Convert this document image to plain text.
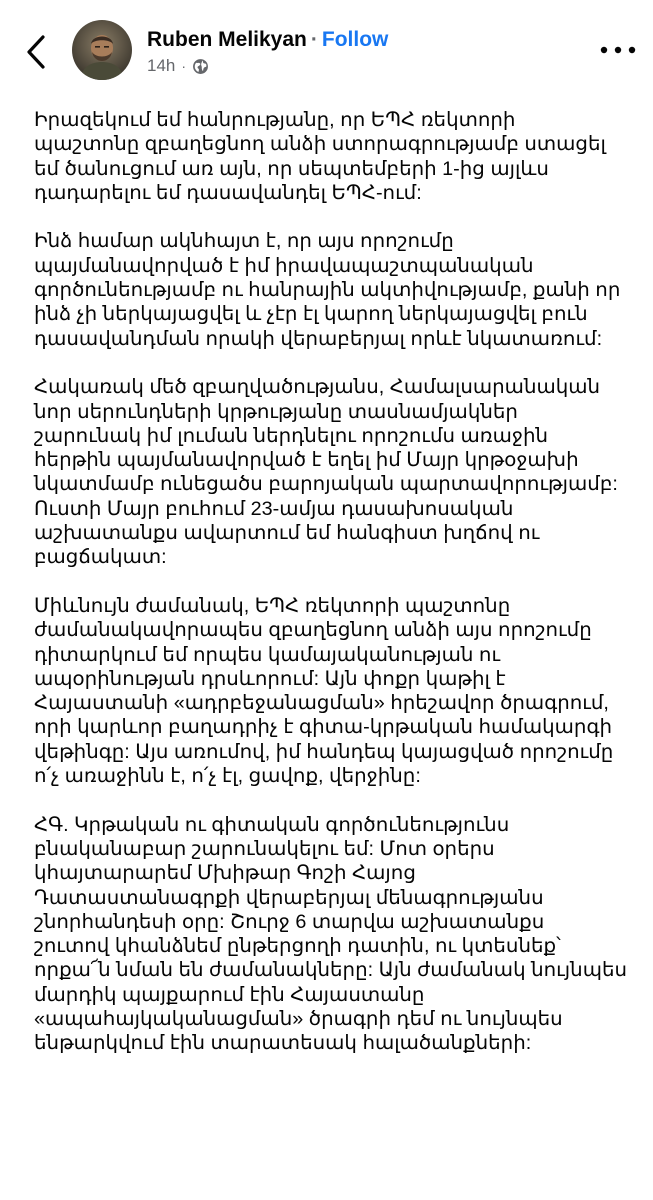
Ruben Melikyan · Follow
14h ·
Իրազեկում եմ հանրությանը, որ ԵՊՀ ռեկտորի
պաշտոնը զբաղեցնող անձի ստորագրությամբ ստացել
եմ ծանուցում առ այն, որ սեպտեմբերի 1-ից այլևս
դադարելու եմ դասավանդել ԵՊՀ-ում:
Ինձ համար ակնհայտ է, որ այս որոշումը
պայմանավորված է իմ իրավապաշտպանական
գործունեությամբ ու հանրային ակտիվությամբ, քանի որ
ինձ չի ներկայացվել և չէր էլ կարող ներկայացվել բուն
դասավանդման որակի վերաբերյալ որևէ նկատառում:
Հակառակ մեծ զբաղվածությանս, Համալսարանական
նոր սերունդների կրթությանը տասնամյակներ
շարունակ իմ լուման ներդնելու որոշումս առաջին
հերթին պայմանավորված է եղել իմ Մայր կրթօջախի
նկատմամբ ունեցածս բարոյական պարտավորությամբ:
Ուստի Մայր բուհում 23-ամյա դասախոսական
աշխատանքս ավարտում եմ հանգիստ խղճով ու
բացճակատ:
Միևնույն ժամանակ, ԵՊՀ ռեկտորի պաշտոնը
ժամանակավորապես զբաղեցնող անձի այս որոշումը
դիտարկում եմ որպես կամայականության ու
ապօրինության դրսևորում: Այն փոքր կաթիլ է
Հայաստանի «ադրբեջանացման» հրեշավոր ծրագրում,
որի կարևոր բաղադրիչ է գիտա-կրթական համակարգի
վեթինգը: Այս առումով, իմ հանդեպ կայացված որոշումը
ո՛չ առաջինն է, ո՛չ էլ, ցավոք, վերջինը:
ՀԳ. Կրթական ու գիտական գործունեությունս
բնականաբար շարունակելու եմ: Մոտ օրերս
կհայտարարեմ Մխիթար Գոշի Հայոց
Դատաստանագրքի վերաբերյալ մենագրությանս
շնորհանդեսի օրը: Շուրջ 6 տարվա աշխատանքս
շուտով կհանձնեմ ընթերցողի դատին, ու կտեսնեք՝
որքա՜ն նման են ժամանակները: Այն ժամանակ նույնպես
մարդիկ պայքարում էին Հայաստանը
«ապահայկականացման» ծրագրի դեմ ու նույնպես
ենթարկվում էին տարատեսակ հալածանքների:
